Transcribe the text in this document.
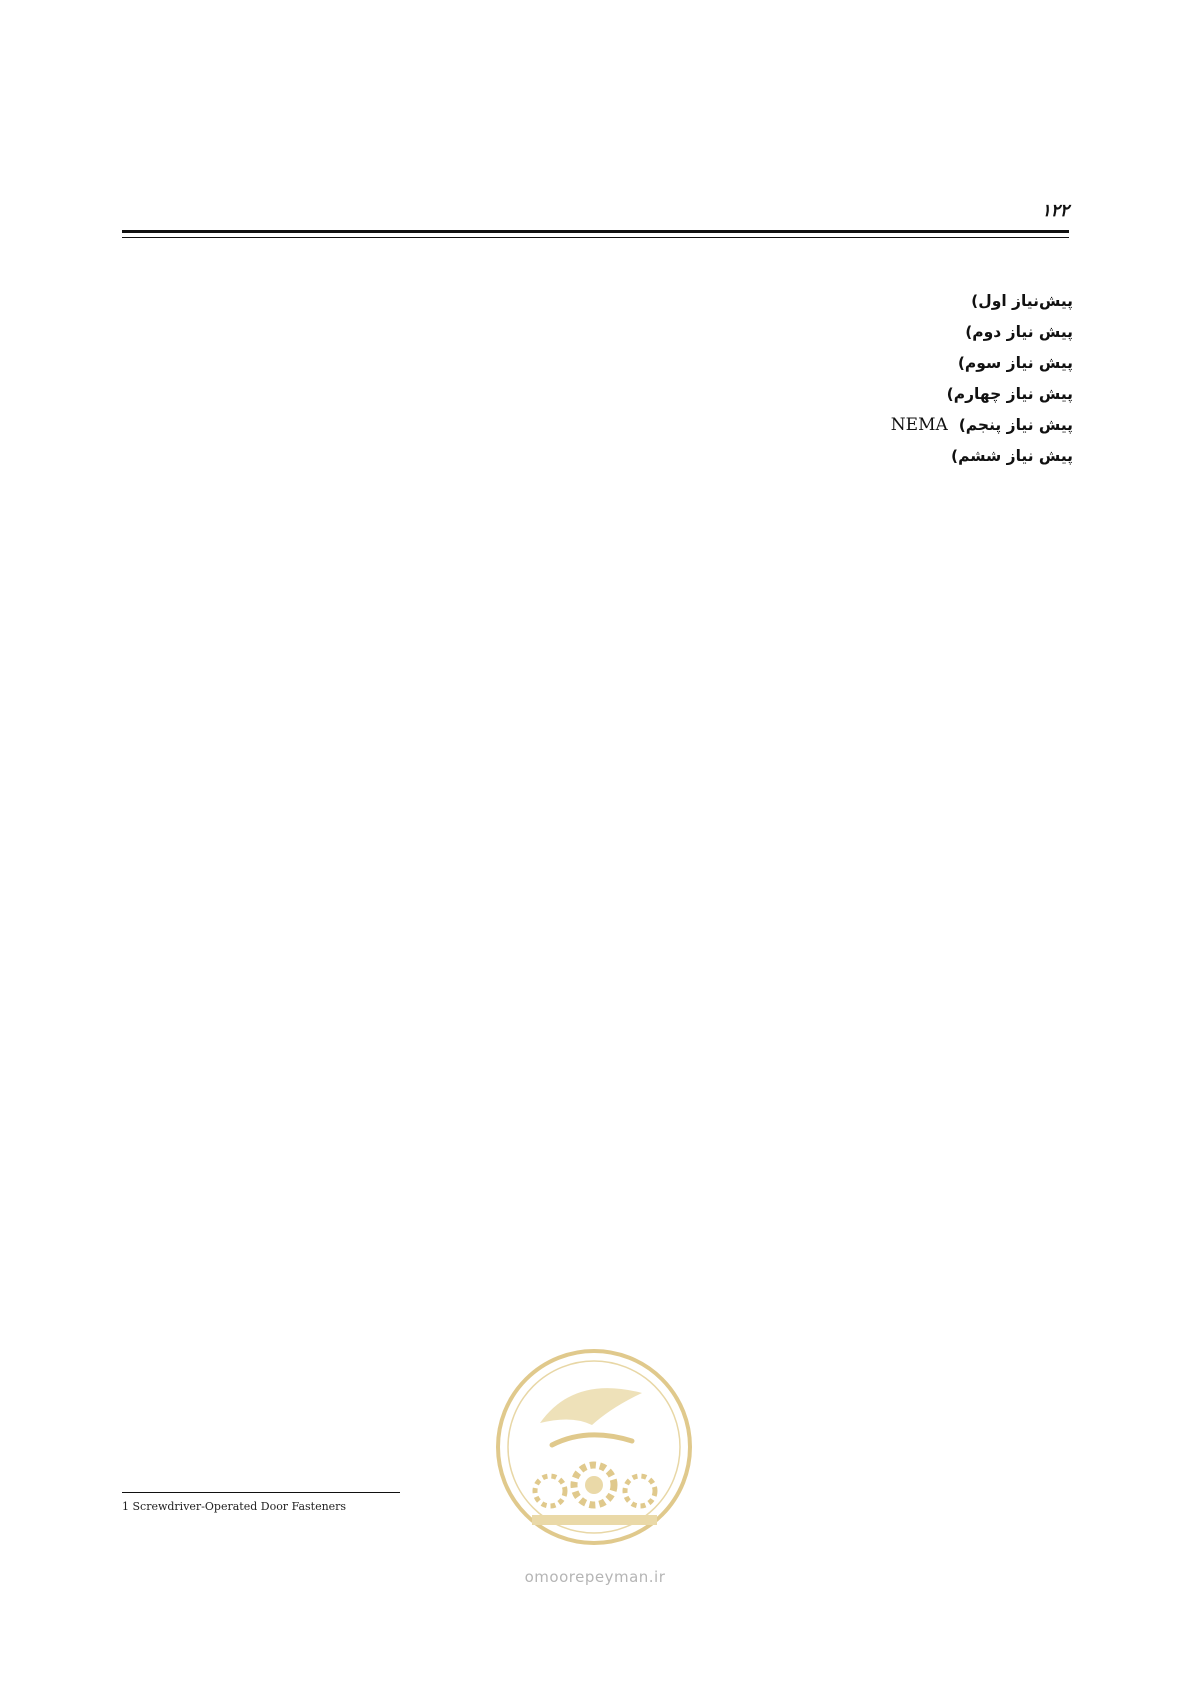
۱۲۲

پیش‌نیاز اول)

پیش نیاز دوم)

پیش نیاز سوم)

پیش نیاز چهارم)

پیش نیاز پنجم) NEMA

پیش نیاز ششم)

omoorepeyman.ir
1 Screwdriver-Operated Door Fasteners
